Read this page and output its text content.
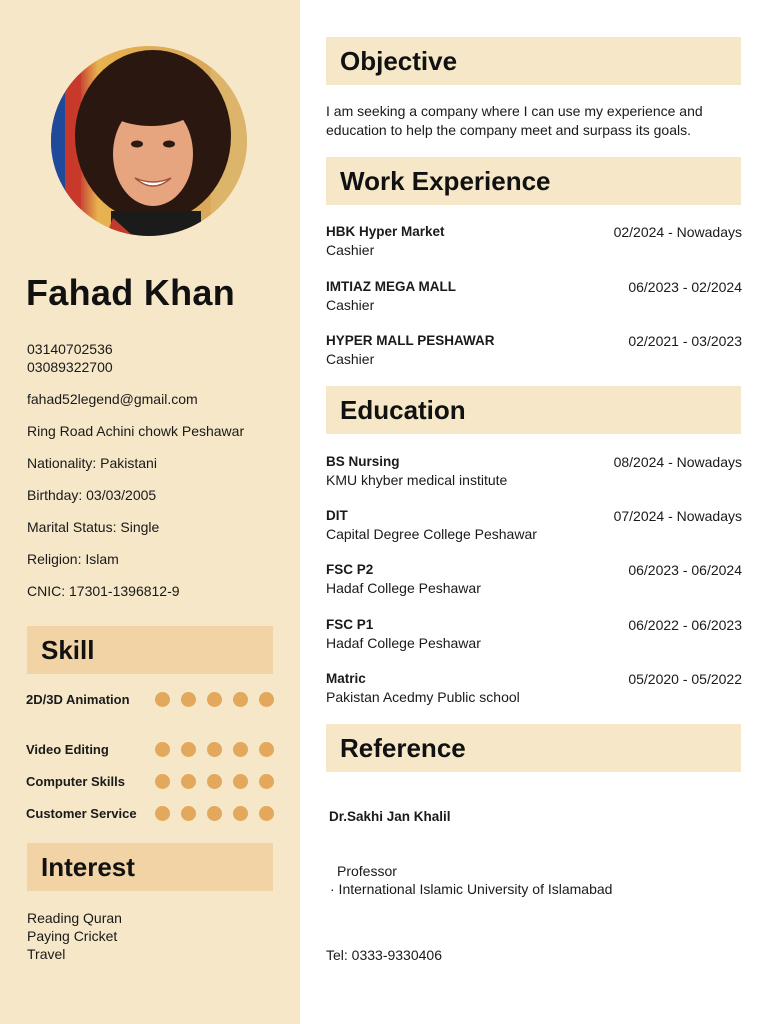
Fahad Khan
03140702536
03089322700
fahad52legend@gmail.com
Ring Road Achini chowk Peshawar
Nationality: Pakistani
Birthday: 03/03/2005
Marital Status: Single
Religion: Islam
CNIC: 17301-1396812-9
Skill
2D/3D Animation
Video Editing
Computer Skills
Customer Service
Interest
Reading Quran
Paying Cricket
Travel
Objective
I am seeking a company where I can use my experience and education to help the company meet and surpass its goals.
Work Experience
HBK Hyper Market	02/2024 - Nowadays
Cashier
IMTIAZ MEGA MALL	06/2023 - 02/2024
Cashier
HYPER MALL PESHAWAR	02/2021 - 03/2023
Cashier
Education
BS Nursing	08/2024 - Nowadays
KMU khyber medical institute
DIT	07/2024 - Nowadays
Capital Degree College Peshawar
FSC P2	06/2023 - 06/2024
Hadaf College Peshawar
FSC P1	06/2022 - 06/2023
Hadaf College Peshawar
Matric	05/2020 - 05/2022
Pakistan Acedmy Public school
Reference
Dr.Sakhi Jan Khalil
Professor
· International Islamic University of Islamabad
Tel: 0333-9330406
